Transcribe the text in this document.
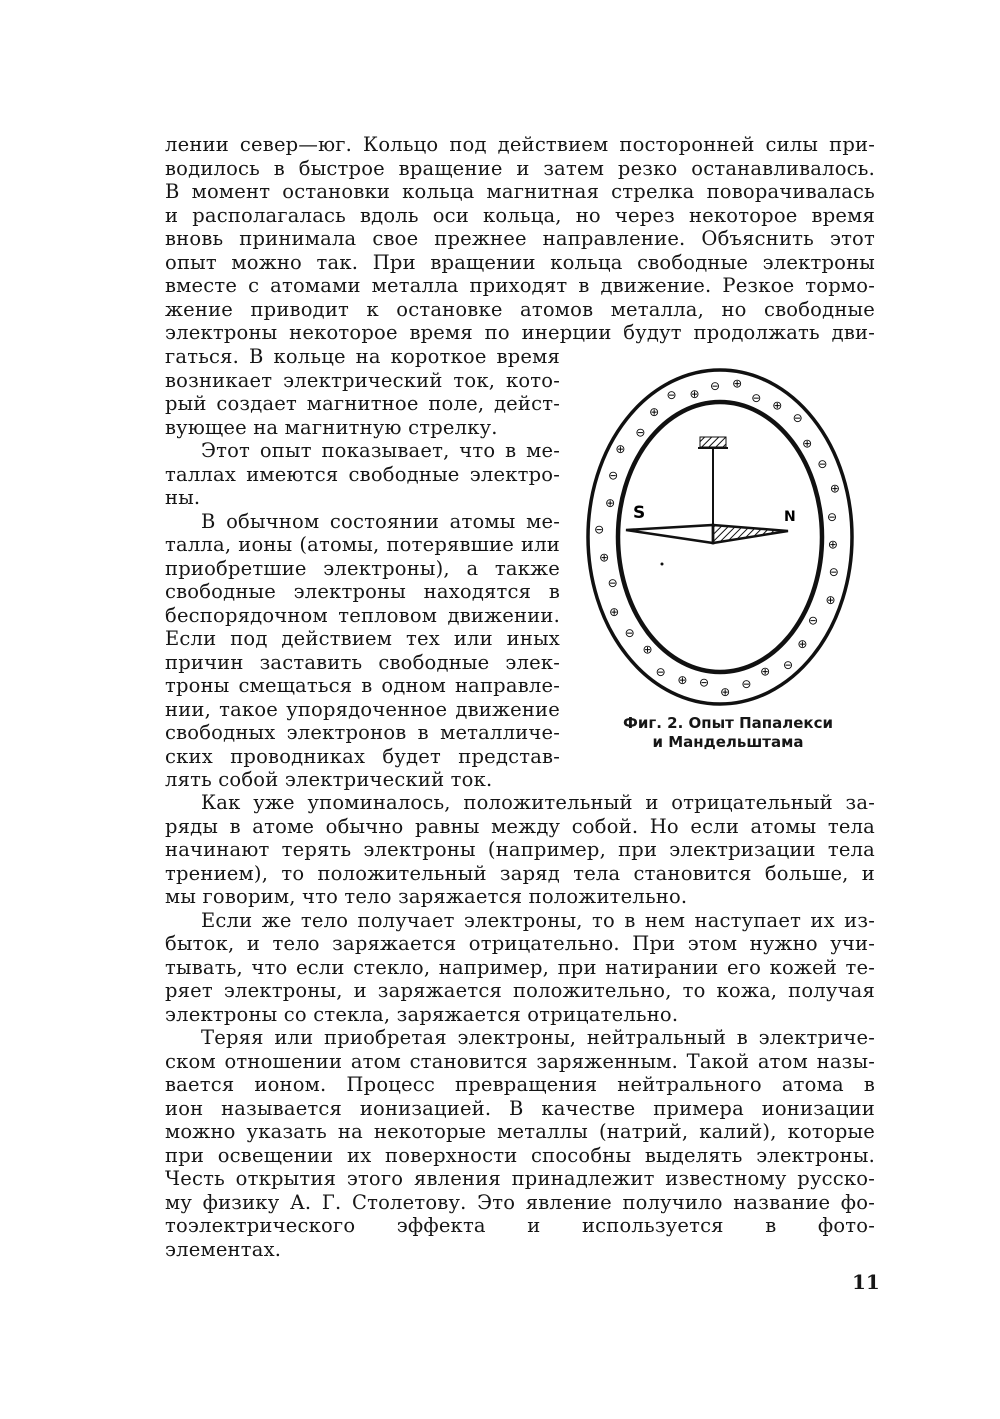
лении север—юг. Кольцо под действием посторонней силы при-
водилось в быстрое вращение и затем резко останавливалось.
В момент остановки кольца магнитная стрелка поворачивалась
и располагалась вдоль оси кольца, но через некоторое время
вновь принимала свое прежнее направление. Объяснить этот
опыт можно так. При вращении кольца свободные электроны
вместе с атомами металла приходят в движение. Резкое тормо-
жение приводит к остановке атомов металла, но свободные
электроны некоторое время по инерции будут продолжать дви-
гаться. В кольце на короткое время
возникает электрический ток, кото-
рый создает магнитное поле, дейст-
вующее на магнитную стрелку.
Этот опыт показывает, что в ме-
таллах имеются свободные электро-
ны.
В обычном состоянии атомы ме-
талла, ионы (атомы, потерявшие или
приобретшие электроны), а также
свободные электроны находятся в
беспорядочном тепловом движении.
Если под действием тех или иных
причин заставить свободные элек-
троны смещаться в одном направле-
нии, такое упорядоченное движение
свободных электронов в металличе-
ских проводниках будет представ-
лять собой электрический ток.
⊕
⊖
⊕
⊖
⊕
⊖
⊕
⊖
⊕
⊖
⊕
⊖
⊕
⊖
⊕
⊖
⊕
⊖
⊕
⊖
⊕
⊖
⊕
⊖ ⊕
⊖ ⊕
⊖
⊕
⊖
⊕
⊖
⊕
⊖
S	N
Фиг. 2. Опыт Папалекси
и Мандельштама
Как уже упоминалось, положительный и отрицательный за-
ряды в атоме обычно равны между собой. Но если атомы тела
начинают терять электроны (например, при электризации тела
трением), то положительный заряд тела становится больше, и
мы говорим, что тело заряжается положительно.
Если же тело получает электроны, то в нем наступает их из-
быток, и тело заряжается отрицательно. При этом нужно учи-
тывать, что если стекло, например, при натирании его кожей те-
ряет электроны, и заряжается положительно, то кожа, получая
электроны со стекла, заряжается отрицательно.
Теряя или приобретая электроны, нейтральный в электриче-
ском отношении атом становится заряженным. Такой атом назы-
вается ионом. Процесс превращения нейтрального атома в
ион называется ионизацией. В качестве примера ионизации
можно указать на некоторые металлы (натрий, калий), которые
при освещении их поверхности способны выделять электроны.
Честь открытия этого явления принадлежит известному русско-
му физику А. Г. Столетову. Это явление получило название фо-
тоэлектрического эффекта и используется в фото-
элементах.
11
